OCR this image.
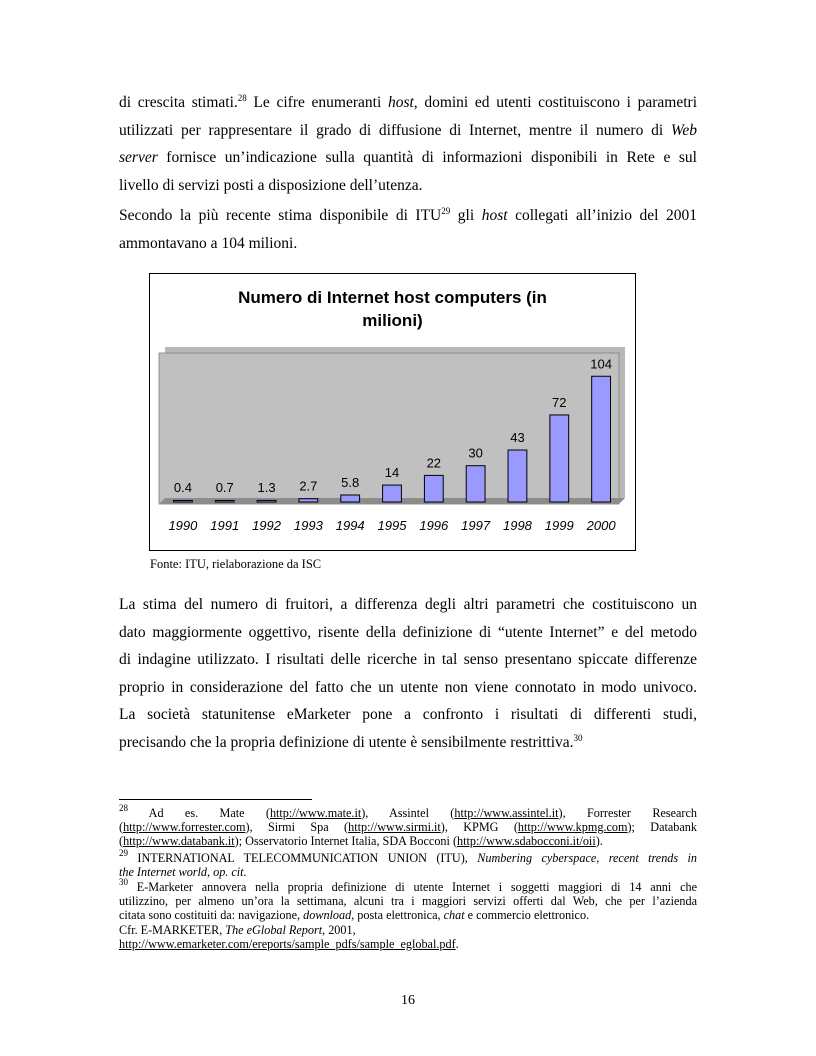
di crescita stimati.$^{28}$ Le cifre enumeranti host, domini ed utenti costituiscono i parametri
utilizzati per rappresentare il grado di diffusione di Internet, mentre il numero di Web
server fornisce un’indicazione sulla quantità di informazioni disponibili in Rete e sul
livello di servizi posti a disposizione dell’utenza.
Secondo la più recente stima disponibile di ITU$^{29}$ gli host collegati all’inizio del 2001
ammontavano a 104 milioni.
Numero di Internet host computers (in
milioni)
0.4
1990
0.7
1991
1.3
1992
2.7
1993
5.8
1994
14
1995
22
1996
30
1997
43
1998
72
1999
104
2000

Fonte: ITU, rielaborazione da ISC

La stima del numero di fruitori, a differenza degli altri parametri che costituiscono un
dato maggiormente oggettivo, risente della definizione di “utente Internet” e del metodo
di indagine utilizzato. I risultati delle ricerche in tal senso presentano spiccate differenze
proprio in considerazione del fatto che un utente non viene connotato in modo univoco.
La società statunitense eMarketer pone a confronto i risultati di differenti studi,
precisando che la propria definizione di utente è sensibilmente restrittiva.$^{30}$
$^{28}$ Ad es. Mate (http://www.mate.it), Assintel (http://www.assintel.it), Forrester Research
(http://www.forrester.com), Sirmi Spa (http://www.sirmi.it), KPMG (http://www.kpmg.com); Databank
(http://www.databank.it); Osservatorio Internet Italia, SDA Bocconi (http://www.sdabocconi.it/oii).
$^{29}$ INTERNATIONAL TELECOMMUNICATION UNION (ITU), Numbering cyberspace, recent trends in
the Internet world, op. cit.
$^{30}$ E-Marketer annovera nella propria definizione di utente Internet i soggetti maggiori di 14 anni che
utilizzino, per almeno un’ora la settimana, alcuni tra i maggiori servizi offerti dal Web, che per l’azienda
citata sono costituiti da: navigazione, download, posta elettronica, chat e commercio elettronico.
Cfr. E-MARKETER, The eGlobal Report, 2001,
http://www.emarketer.com/ereports/sample_pdfs/sample_eglobal.pdf.

16
